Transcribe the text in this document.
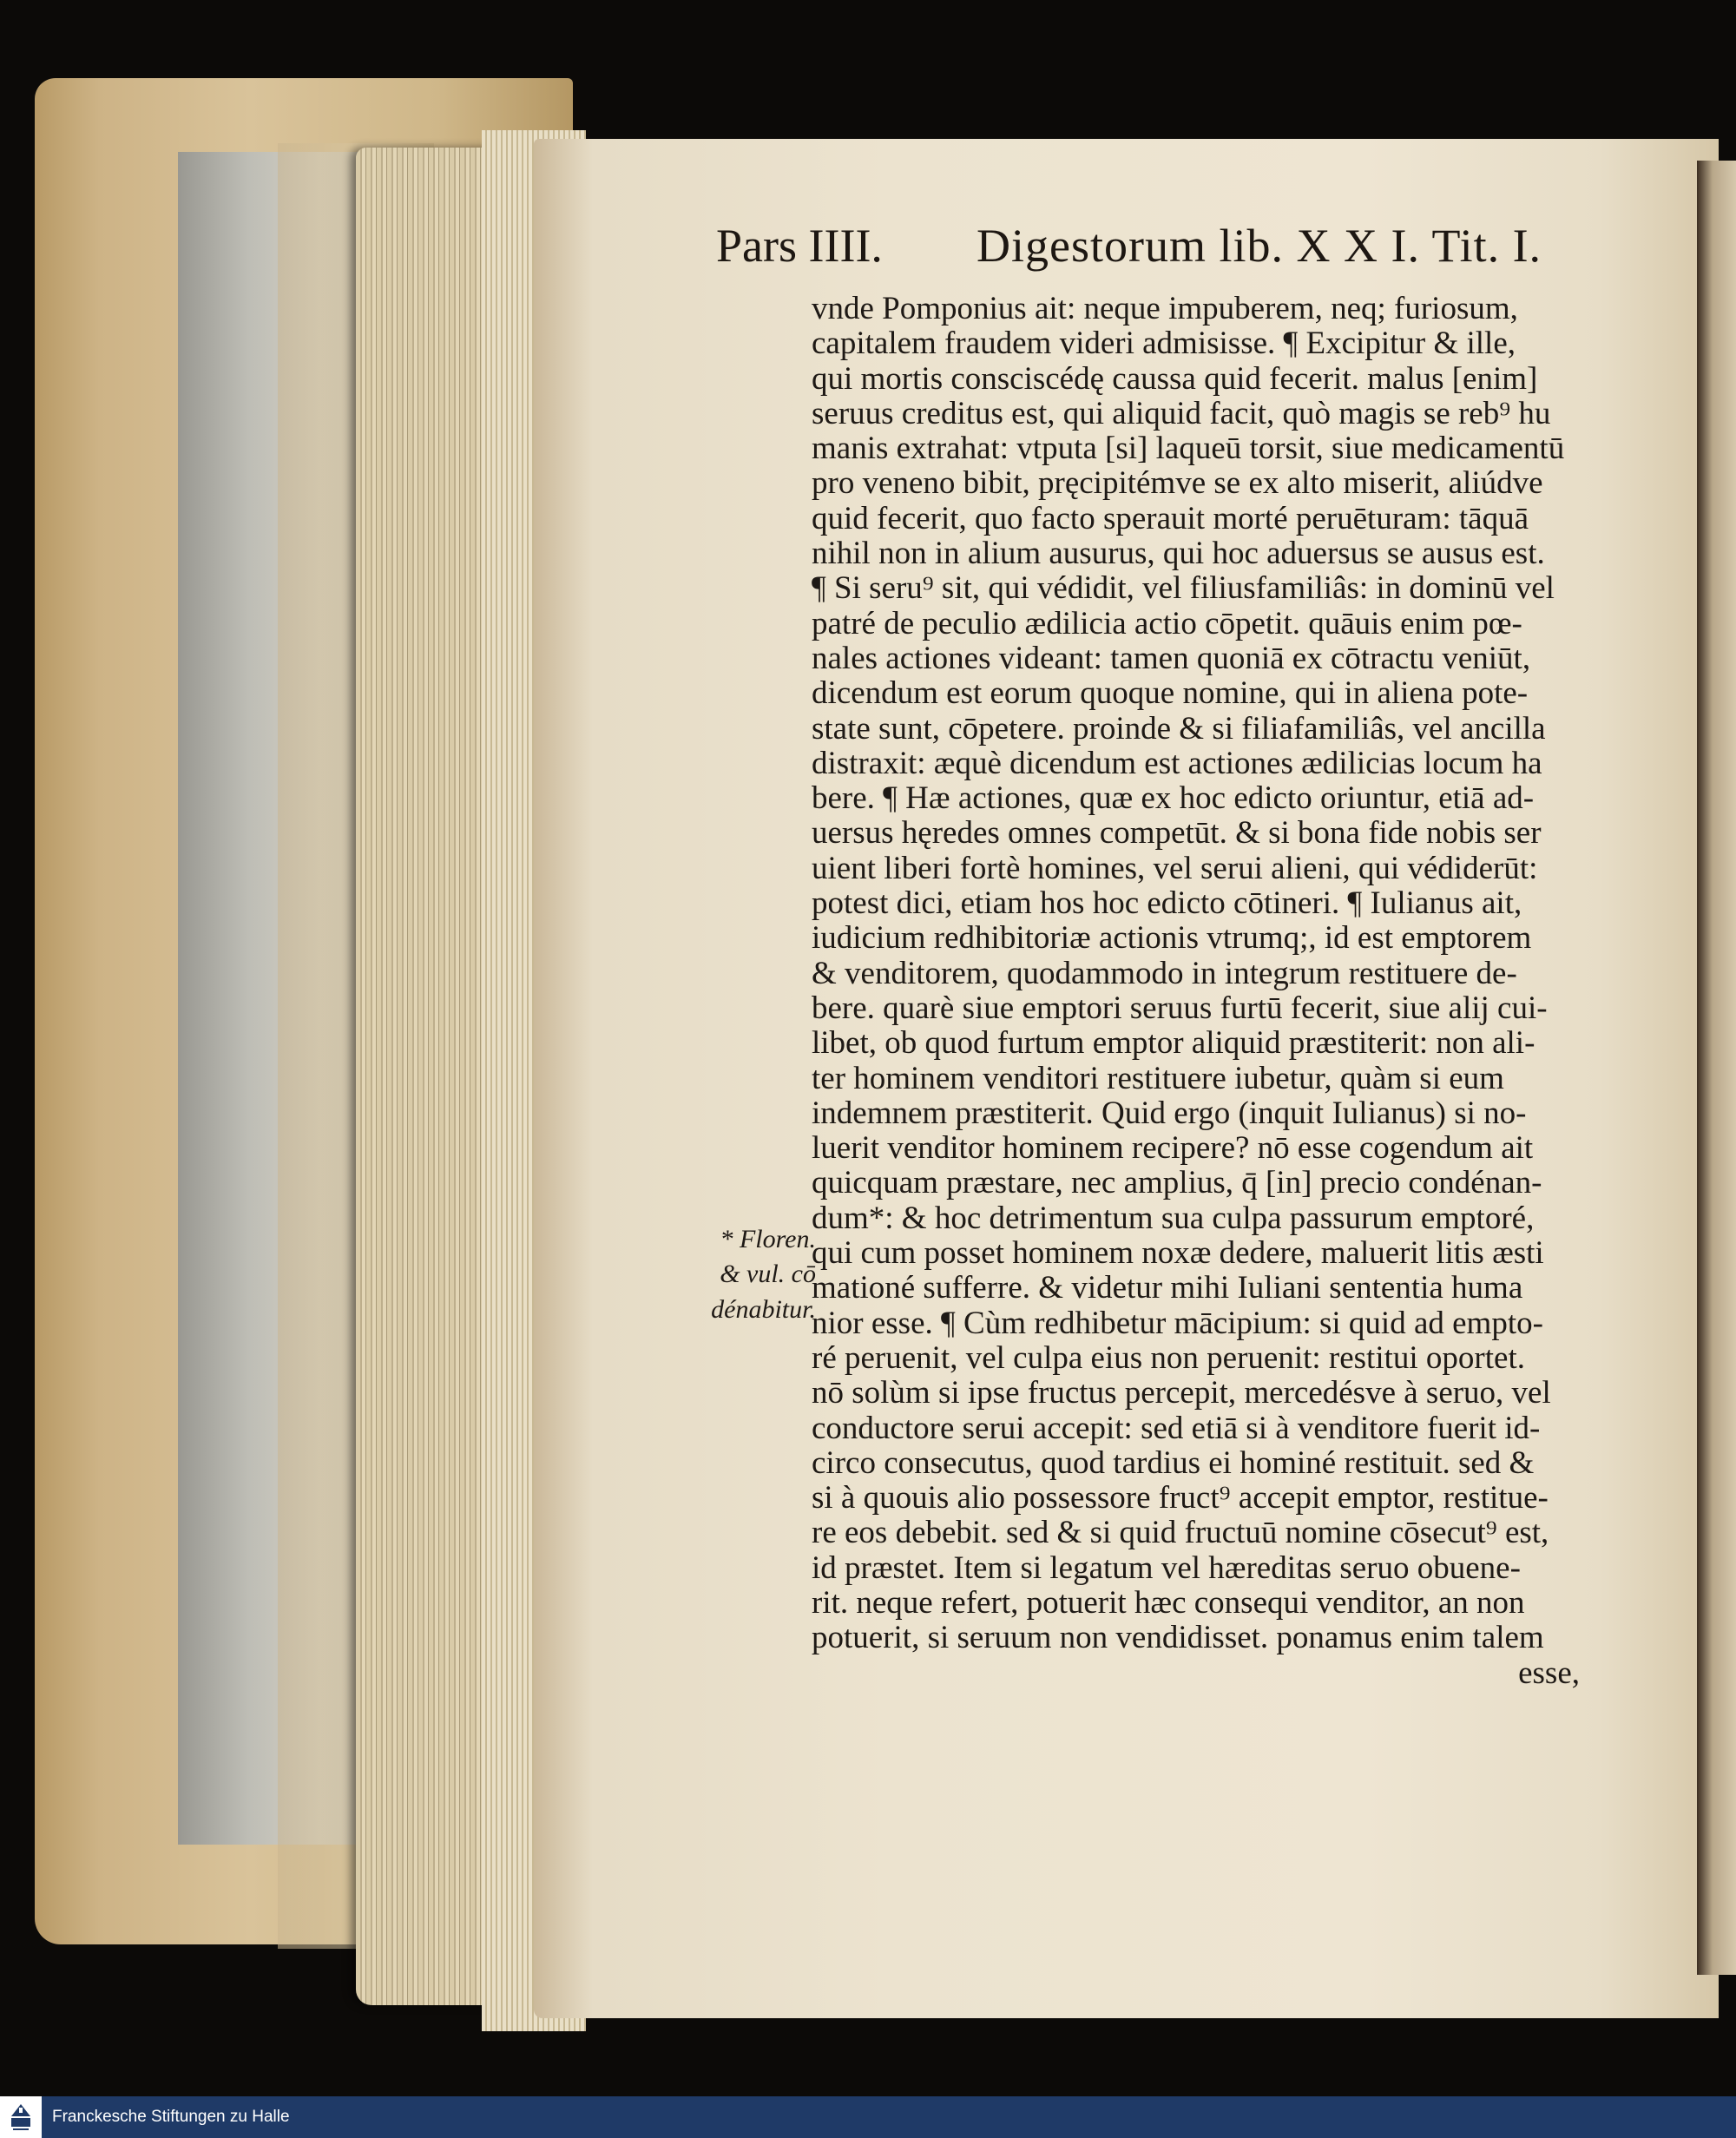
Pars IIII. Digestorum lib. X X I. Tit. I.
vnde Pomponius ait: neque impuberem, neq; furiosum,
capitalem fraudem videri admisisse. ¶ Excipitur & ille,
qui mortis consciscédę caussa quid fecerit. malus [enim]
seruus creditus est, qui aliquid facit, quò magis se reb⁹ hu
manis extrahat: vtputa [si] laqueū torsit, siue medicamentū
pro veneno bibit, pręcipitémve se ex alto miserit, aliúdve
quid fecerit, quo facto sperauit morté peruēturam: tāquā
nihil non in alium ausurus, qui hoc aduersus se ausus est.
¶ Si seru⁹ sit, qui védidit, vel filiusfamiliâs: in dominū vel
patré de peculio ædilicia actio cōpetit. quāuis enim pœ-
nales actiones videant: tamen quoniā ex cōtractu veniūt,
dicendum est eorum quoque nomine, qui in aliena pote-
state sunt, cōpetere. proinde & si filiafamiliâs, vel ancilla
distraxit: æquè dicendum est actiones ædilicias locum ha
bere. ¶ Hæ actiones, quæ ex hoc edicto oriuntur, etiā ad-
uersus hęredes omnes competūt. & si bona fide nobis ser
uient liberi fortè homines, vel serui alieni, qui védiderūt:
potest dici, etiam hos hoc edicto cōtineri. ¶ Iulianus ait,
iudicium redhibitoriæ actionis vtrumq;, id est emptorem
& venditorem, quodammodo in integrum restituere de-
bere. quarè siue emptori seruus furtū fecerit, siue alij cui-
libet, ob quod furtum emptor aliquid præstiterit: non ali-
ter hominem venditori restituere iubetur, quàm si eum
indemnem præstiterit. Quid ergo (inquit Iulianus) si no-
luerit venditor hominem recipere? nō esse cogendum ait
quicquam præstare, nec amplius, q̄ [in] precio condénan-
dum*: & hoc detrimentum sua culpa passurum emptoré,
qui cum posset hominem noxæ dedere, maluerit litis æsti
mationé sufferre. & videtur mihi Iuliani sententia huma
nior esse. ¶ Cùm redhibetur mācipium: si quid ad empto-
ré peruenit, vel culpa eius non peruenit: restitui oportet.
nō solùm si ipse fructus percepit, mercedésve à seruo, vel
conductore serui accepit: sed etiā si à venditore fuerit id-
circo consecutus, quod tardius ei hominé restituit. sed &
si à quouis alio possessore fruct⁹ accepit emptor, restitue-
re eos debebit. sed & si quid fructuū nomine cōsecut⁹ est,
id præstet. Item si legatum vel hæreditas seruo obuene-
rit. neque refert, potuerit hæc consequi venditor, an non
potuerit, si seruum non vendidisset. ponamus enim talem
esse,
* Floren.
& vul. cō
dénabitur.
Franckesche Stiftungen zu Halle
